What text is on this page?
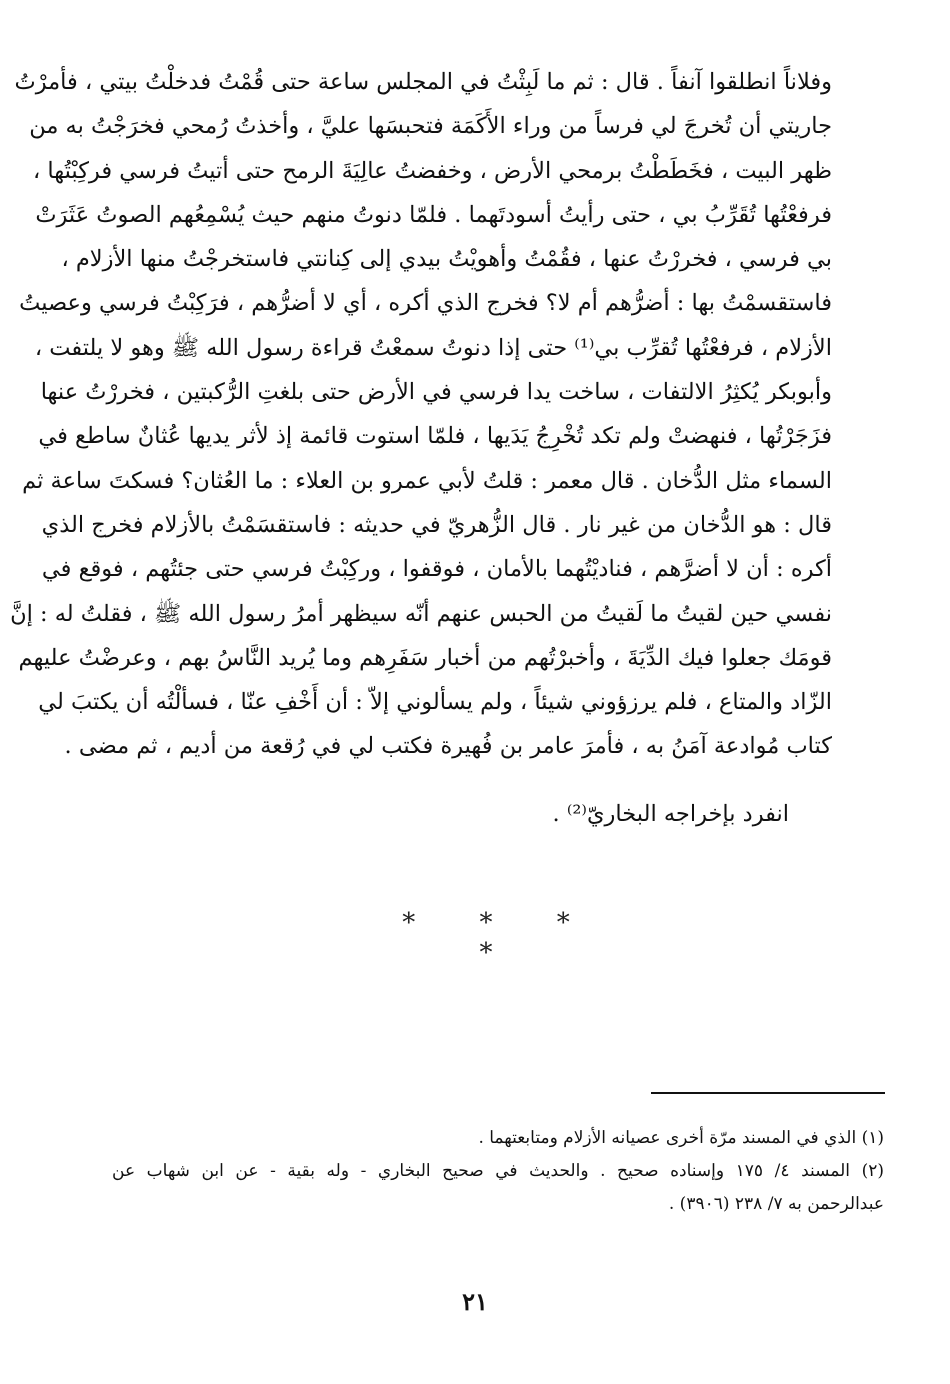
وفلاناً انطلقوا آنفاً . قال : ثم ما لَبِثْتُ في المجلس ساعة حتى قُمْتُ فدخلْتُ بيتي ، فأمرْتُ
جاريتي أن تُخرجَ لي فرساً من وراء الأَكَمَة فتحبسَها عليَّ ، وأخذتُ رُمحي فخرَجْتُ به من
ظهر البيت ، فخَطَطْتُ برمحي الأرض ، وخفضتُ عالِيَةَ الرمح حتى أتيتُ فرسي فركِبْتُها ،
فرفعْتُها تُقَرِّبُ بي ، حتى رأيتُ أسودتَهما . فلمّا دنوتُ منهم حيث يُسْمِعُهم الصوتُ عَثَرَتْ
بي فرسي ، فخررْتُ عنها ، فقُمْتُ وأهويْتُ بيدي إلى كِنانتي فاستخرجْتُ منها الأزلام ،
فاستقسمْتُ بها : أضرُّهم أم لا؟ فخرج الذي أكره ، أي لا أضرُّهم ، فرَكِبْتُ فرسي وعصيتُ
الأزلام ، فرفعْتُها تُقرِّب بي⁽¹⁾ حتى إذا دنوتُ سمعْتُ قراءة رسول الله ﷺ وهو لا يلتفت ،
وأبوبكر يُكثِرُ الالتفات ، ساخت يدا فرسي في الأرض حتى بلغتِ الرُّكبتين ، فخررْتُ عنها
فزَجَرْتُها ، فنهضتْ ولم تكد تُخْرِجُ يَدَيها ، فلمّا استوت قائمة إذ لأثر يديها عُثانٌ ساطع في
السماء مثل الدُّخان . قال معمر : قلتُ لأبي عمرو بن العلاء : ما العُثان؟ فسكتَ ساعة ثم
قال : هو الدُّخان من غير نار . قال الزُّهريّ في حديثه : فاستقسَمْتُ بالأزلام فخرج الذي
أكره : أن لا أضرَّهم ، فناديْتُهما بالأمان ، فوقفوا ، وركِبْتُ فرسي حتى جئتُهم ، فوقع في
نفسي حين لقيتُ ما لَقيتُ من الحبس عنهم أنّه سيظهر أمرُ رسول الله ﷺ ، فقلتُ له : إنَّ
قومَك جعلوا فيك الدِّيَةَ ، وأخبرْتُهم من أخبار سَفَرِهم وما يُريد النَّاسُ بهم ، وعرضْتُ عليهم
الزّاد والمتاع ، فلم يرزؤوني شيئاً ، ولم يسألوني إلاّ : أن أَخْفِ عنّا ، فسألْتُه أن يكتبَ لي
كتاب مُوادعة آمَنُ به ، فأمرَ عامر بن فُهيرة فكتب لي في رُقعة من أديم ، ثم مضى .
انفرد بإخراجه البخاريّ⁽²⁾ .
* * * *
(١) الذي في المسند مرّة أخرى عصيانه الأزلام ومتابعتهما .
(٢) المسند ٤/ ١٧٥ وإسناده صحيح . والحديث في صحيح البخاري - وله بقية - عن ابن شهاب عن
عبدالرحمن به ٧/ ٢٣٨ (٣٩٠٦) .
٢١
